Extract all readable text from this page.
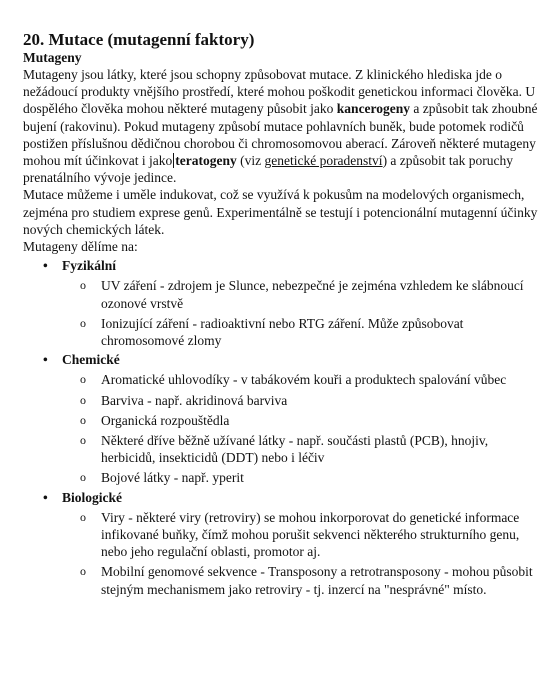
20. Mutace (mutagenní faktory)
Mutageny

Mutageny jsou látky, které jsou schopny způsobovat mutace. Z klinického hlediska jde o nežádoucí produkty vnějšího prostředí, které mohou poškodit genetickou informaci člověka. U dospělého člověka mohou některé mutageny působit jako kancerogeny a způsobit tak zhoubné bujení (rakovinu). Pokud mutageny způsobí mutace pohlavních buněk, bude potomek rodičů postižen příslušnou dědičnou chorobou či chromosomovou aberací. Zároveň některé mutageny mohou mít účinkovat i jako teratogeny (viz genetické poradenství) a způsobit tak poruchy prenatálního vývoje jedince.

Mutace můžeme i uměle indukovat, což se využívá k pokusům na modelových organismech, zejména pro studiem exprese genů. Experimentálně se testují i potencionální mutagenní účinky nových chemických látek.

Mutageny dělíme na:

• Fyzikální
o UV záření - zdrojem je Slunce, nebezpečné je zejména vzhledem ke slábnoucí ozonové vrstvě
o Ionizující záření - radioaktivní nebo RTG záření. Může způsobovat chromosomové zlomy
• Chemické
o Aromatické uhlovodíky - v tabákovém kouři a produktech spalování vůbec
o Barviva - např. akridinová barviva
o Organická rozpouštědla
o Některé dříve běžně užívané látky - např. součásti plastů (PCB), hnojiv, herbicidů, insekticidů (DDT) nebo i léčiv
o Bojové látky - např. yperit
• Biologické
o Viry - některé viry (retroviry) se mohou inkorporovat do genetické informace infikované buňky, čímž mohou porušit sekvenci některého strukturního genu, nebo jeho regulační oblasti, promotor aj.
o Mobilní genomové sekvence - Transposony a retrotransposony - mohou působit stejným mechanismem jako retroviry - tj. inzercí na "nesprávné" místo.
